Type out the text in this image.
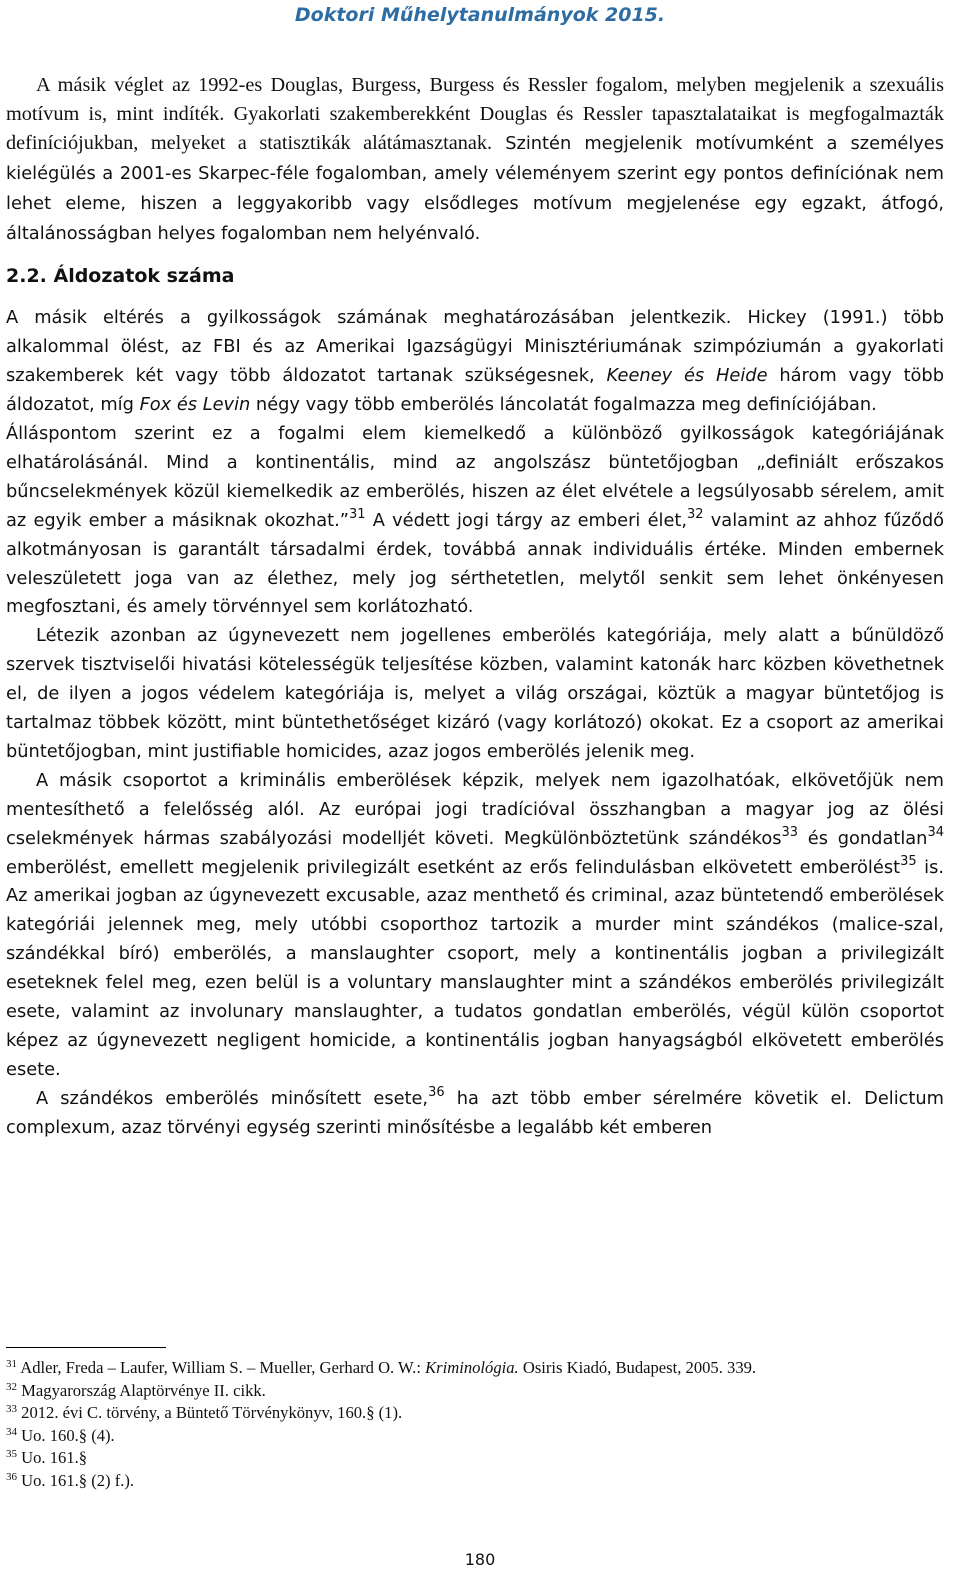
Doktori Műhelytanulmányok 2015.

A másik véglet az 1992-es Douglas, Burgess, Burgess és Ressler fogalom, melyben megjelenik a szexuális motívum is, mint indíték. Gyakorlati szakemberekként Douglas és Ressler tapasztalataikat is megfogalmazták definíciójukban, melyeket a statisztikák alátámasztanak. Szintén megjelenik motívumként a személyes kielégülés a 2001-es Skarpec-féle fogalomban, amely véleményem szerint egy pontos definíciónak nem lehet eleme, hiszen a leggyakoribb vagy elsődleges motívum megjelenése egy egzakt, átfogó, általánosságban helyes fogalomban nem helyénvaló.

2.2. Áldozatok száma

A másik eltérés a gyilkosságok számának meghatározásában jelentkezik. Hickey (1991.) több alkalommal ölést, az FBI és az Amerikai Igazságügyi Minisztériumának szimpóziumán a gyakorlati szakemberek két vagy több áldozatot tartanak szükségesnek, Keeney és Heide három vagy több áldozatot, míg Fox és Levin négy vagy több emberölés láncolatát fogalmazza meg definíciójában.

Álláspontom szerint ez a fogalmi elem kiemelkedő a különböző gyilkosságok kategóriájának elhatárolásánál. Mind a kontinentális, mind az angolszász büntetőjogban „definiált erőszakos bűncselekmények közül kiemelkedik az emberölés, hiszen az élet elvétele a legsúlyosabb sérelem, amit az egyik ember a másiknak okozhat.”$^{31}$ A védett jogi tárgy az emberi élet,$^{32}$ valamint az ahhoz fűződő alkotmányosan is garantált társadalmi érdek, továbbá annak individuális értéke. Minden embernek veleszületett joga van az élethez, mely jog sérthetetlen, melytől senkit sem lehet önkényesen megfosztani, és amely törvénnyel sem korlátozható.

Létezik azonban az úgynevezett nem jogellenes emberölés kategóriája, mely alatt a bűnüldöző szervek tisztviselői hivatási kötelességük teljesítése közben, valamint katonák harc közben követhetnek el, de ilyen a jogos védelem kategóriája is, melyet a világ országai, köztük a magyar büntetőjog is tartalmaz többek között, mint büntethetőséget kizáró (vagy korlátozó) okokat. Ez a csoport az amerikai büntetőjogban, mint justifiable homicides, azaz jogos emberölés jelenik meg.

A másik csoportot a kriminális emberölések képzik, melyek nem igazolhatóak, elkövetőjük nem mentesíthető a felelősség alól. Az európai jogi tradícióval összhangban a magyar jog az ölési cselekmények hármas szabályozási modelljét követi. Megkülönböztetünk szándékos$^{33}$ és gondatlan$^{34}$ emberölést, emellett megjelenik privilegizált esetként az erős felindulásban elkövetett emberölést$^{35}$ is. Az amerikai jogban az úgynevezett excusable, azaz menthető és criminal, azaz büntetendő emberölések kategóriái jelennek meg, mely utóbbi csoporthoz tartozik a murder mint szándékos (malice-szal, szándékkal bíró) emberölés, a manslaughter csoport, mely a kontinentális jogban a privilegizált eseteknek felel meg, ezen belül is a voluntary manslaughter mint a szándékos emberölés privilegizált esete, valamint az involunary manslaughter, a tudatos gondatlan emberölés, végül külön csoportot képez az úgynevezett negligent homicide, a kontinentális jogban hanyagságból elkövetett emberölés esete.

A szándékos emberölés minősített esete,$^{36}$ ha azt több ember sérelmére követik el. Delictum complexum, azaz törvényi egység szerinti minősítésbe a legalább két emberen

$^{31}$ Adler, Freda – Laufer, William S. – Mueller, Gerhard O. W.: Kriminológia. Osiris Kiadó, Budapest, 2005. 339.

$^{32}$ Magyarország Alaptörvénye II. cikk.

$^{33}$ 2012. évi C. törvény, a Büntető Törvénykönyv, 160.§ (1).

$^{34}$ Uo. 160.§ (4).

$^{35}$ Uo. 161.§

$^{36}$ Uo. 161.§ (2) f.).

180
